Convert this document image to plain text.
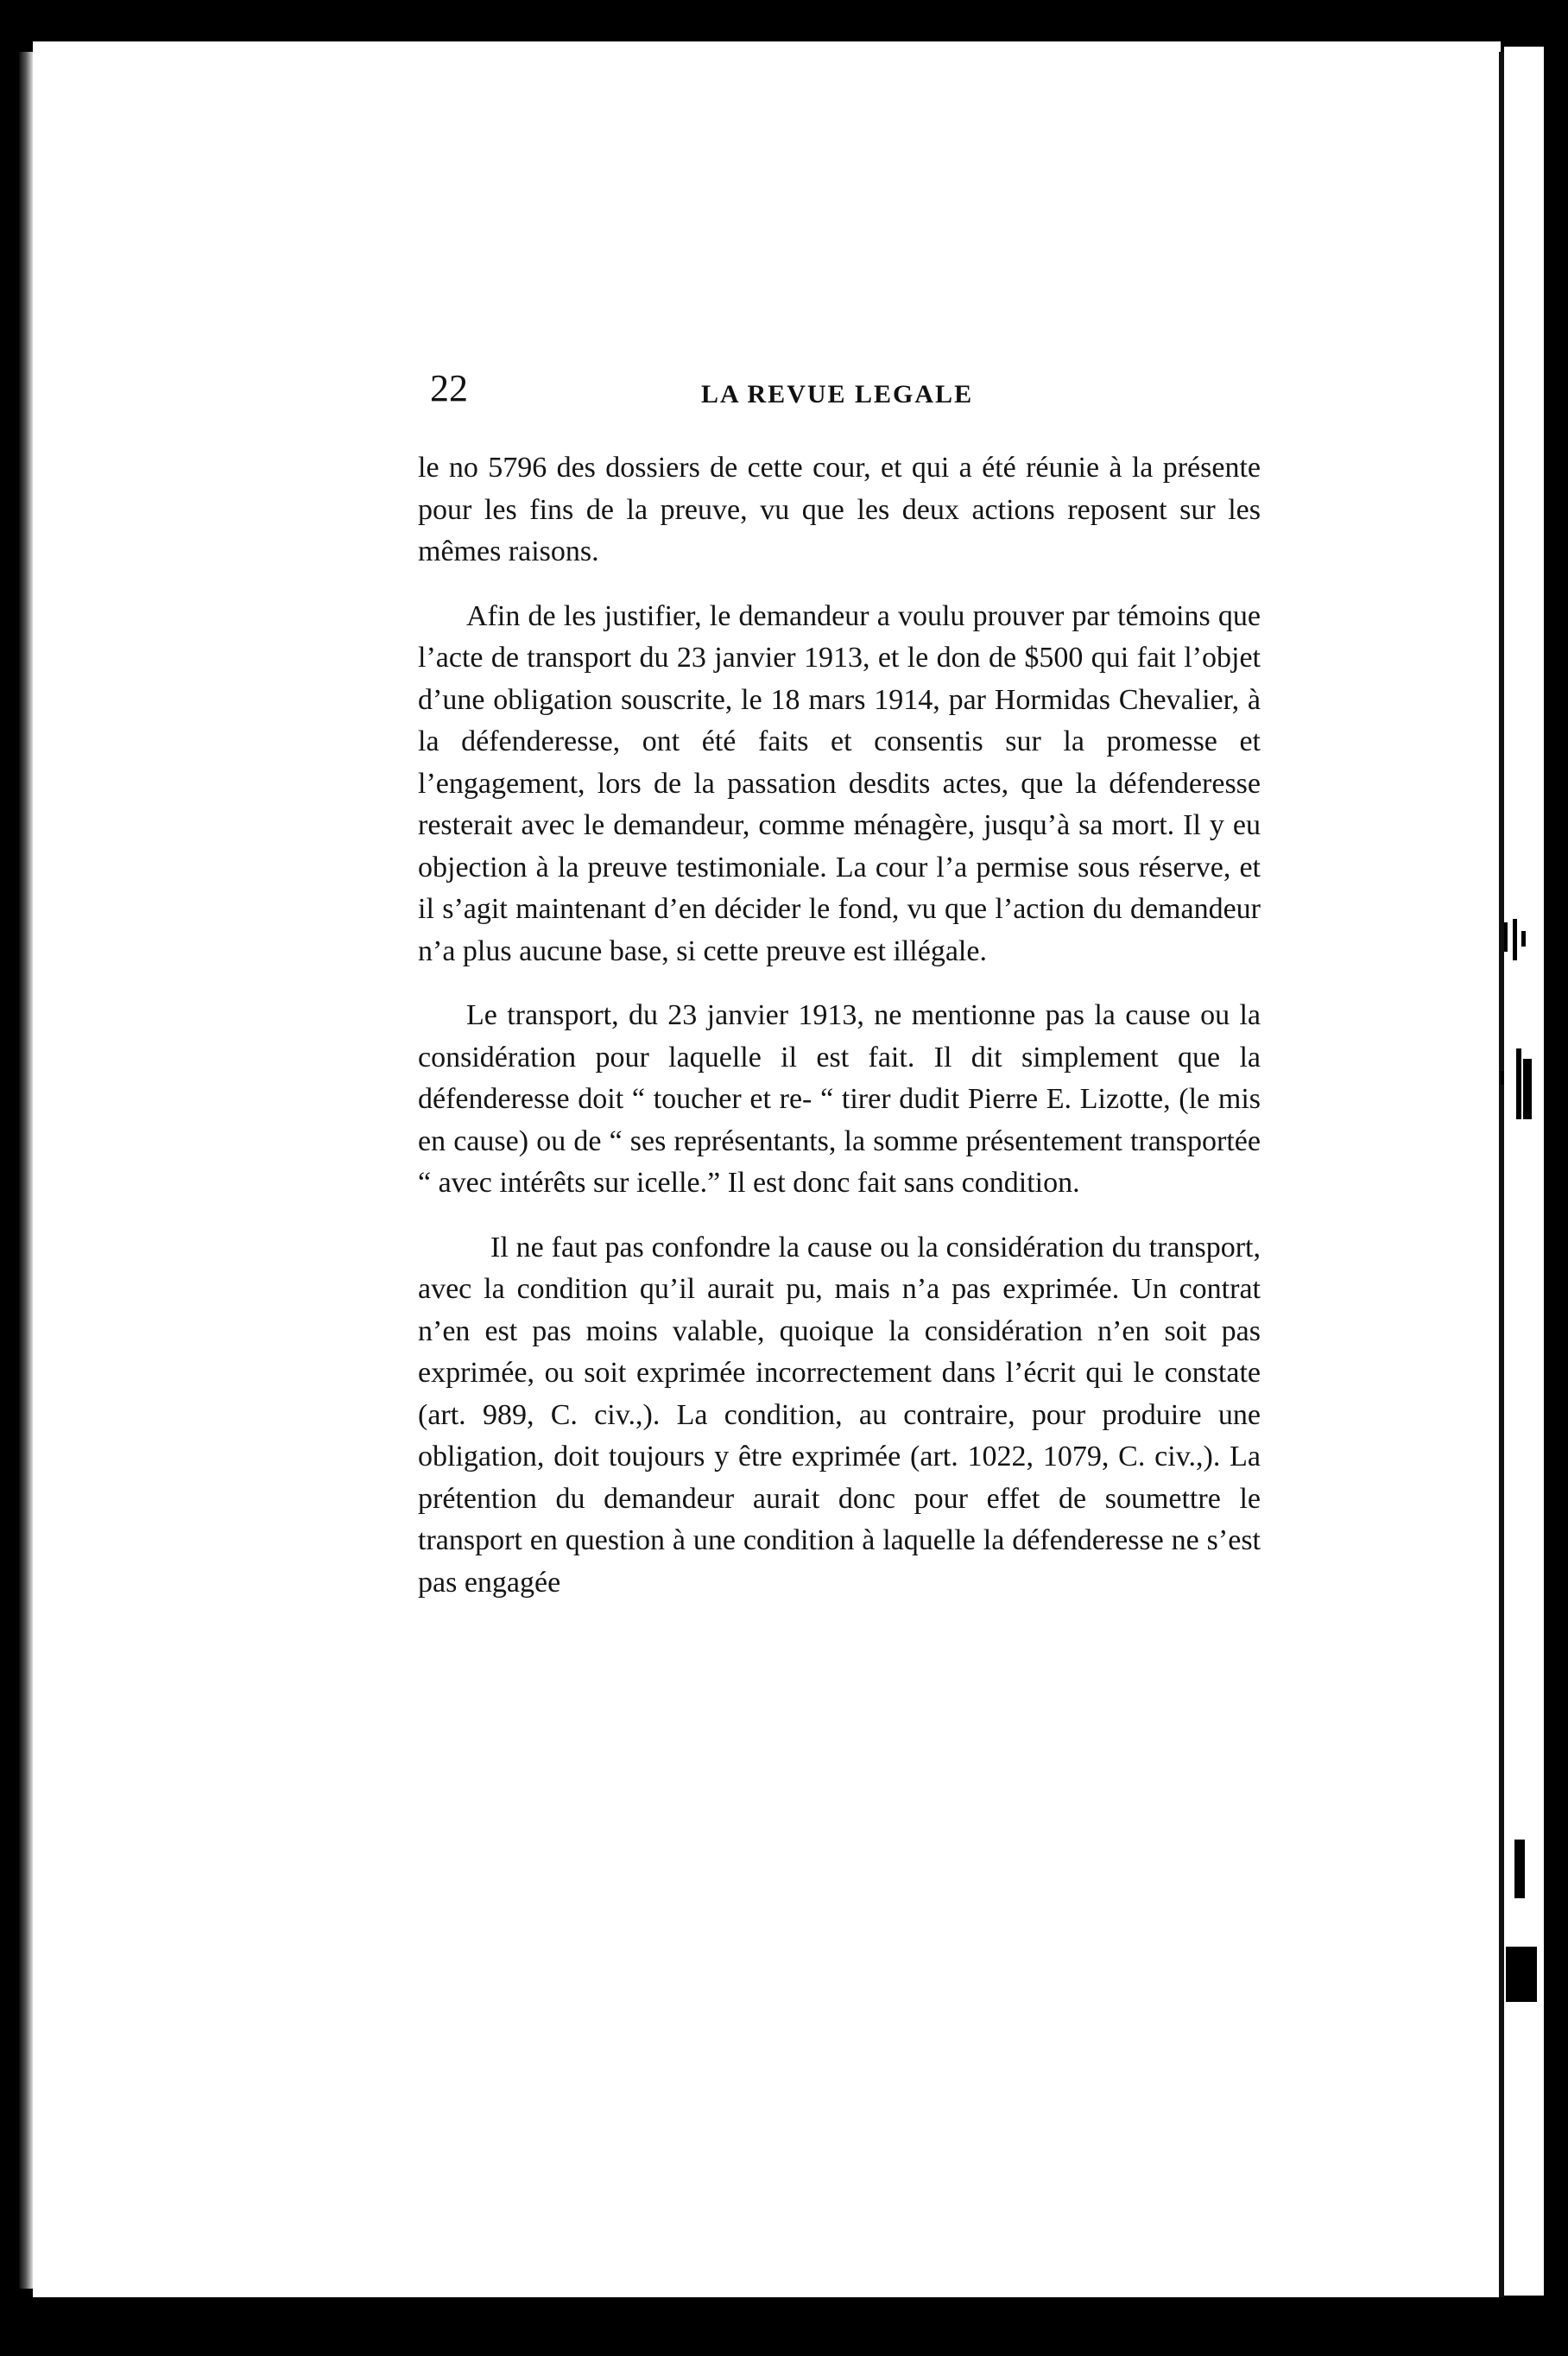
22	LA REVUE LEGALE

le no 5796 des dossiers de cette cour, et qui a été réunie à la présente pour les fins de la preuve, vu que les deux actions reposent sur les mêmes raisons.

Afin de les justifier, le demandeur a voulu prouver par témoins que l’acte de transport du 23 janvier 1913, et le don de $500 qui fait l’objet d’une obligation souscrite, le 18 mars 1914, par Hormidas Chevalier, à la défenderesse, ont été faits et consentis sur la promesse et l’engagement, lors de la passation desdits actes, que la défenderesse resterait avec le demandeur, comme ménagère, jusqu’à sa mort. Il y eu objection à la preuve testimoniale. La cour l’a permise sous réserve, et il s’agit maintenant d’en décider le fond, vu que l’action du demandeur n’a plus aucune base, si cette preuve est illégale.

Le transport, du 23 janvier 1913, ne mentionne pas la cause ou la considération pour laquelle il est fait. Il dit simplement que la défenderesse doit “ toucher et re- “ tirer dudit Pierre E. Lizotte, (le mis en cause) ou de “ ses représentants, la somme présentement transportée “ avec intérêts sur icelle.” Il est donc fait sans condition.

Il ne faut pas confondre la cause ou la considération du transport, avec la condition qu’il aurait pu, mais n’a pas exprimée. Un contrat n’en est pas moins valable, quoique la considération n’en soit pas exprimée, ou soit exprimée incorrectement dans l’écrit qui le constate (art. 989, C. civ.,). La condition, au contraire, pour produire une obligation, doit toujours y être exprimée (art. 1022, 1079, C. civ.,). La prétention du demandeur aurait donc pour effet de soumettre le transport en question à une condition à laquelle la défenderesse ne s’est pas engagée
